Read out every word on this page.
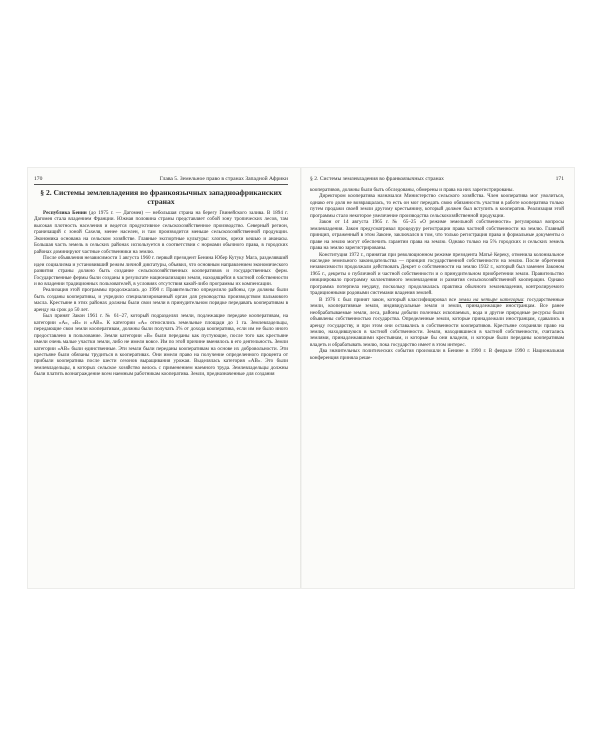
170	Глава 5. Земельное право в странах Западной Африки
§ 2. Системы землевладения во франкоязычных западноафриканских странах

Республика Бенин (до 1975 г. — Дагомея) — небольшая страна на берегу Гвинейского залива. В 1894 г. Дагомея стала владением Франции. Южная половина страны представляет собой зону тропических лесов, там высокая плотность населения и ведется продуктивное сельскохозяйственное производство. Северный регион, граничащий с зоной Сахеля, менее населен, и там производится меньше сельскохозяйственной продукции. Экономика основана на сельском хозяйстве. Главные экспортные культуры: хлопок, орехи кешью и ананасы. Большая часть земель в сельских районах используется в соответствии с нормами обычного права, в городских районах доминируют частные собственники на землю.

После объявления независимости 1 августа 1960 г. первый президент Бенина Юбер Кутуку Мага, разделявший идеи социализма и установивший режим личной диктатуры, объявил, что основным направлением экономического развития страны должно быть создание сельскохозяйственных кооперативов и государственных ферм. Государственные фермы были созданы в результате национализации земли, находящейся в частной собственности и во владении традиционных пользователей, в условиях отсутствия какой-либо программы их компенсации.

Реализация этой программы продолжалась до 1990 г. Правительство определило районы, где должны были быть созданы кооперативы, и учредило специализированный орган для руководства производством пальмового масла. Крестьяне в этих районах должны были свои земли в принудительном порядке передавать кооперативам в аренду на срок до 50 лет.

Был принят Закон 1961 г. № 61–27, который подразделял земли, подлежащие передаче кооперативам, на категории «А», «В» и «АВ». К категории «А» относились земельные площади до 1 га. Землевладельцы, передающие свои земли кооперативам, должны были получать 3% от дохода кооператива, если им не было иного предоставлено в пользование. Земли категории «В» были переданы как пустующие, после того как крестьяне имели очень малые участки земли, либо не имели вовсе. Им по этой причине вменялось в его деятельность. Земли категории «АВ» были единственные. Эти земли были переданы кооперативам на основе их добровольности. Эти крестьяне были обязаны трудиться в кооперативах. Они имели право на получение определенного процента от прибыли кооператива после шести сезонов выращивания урожая. Выделялась категория «АВ». Это были землевладельцы, в которых сельское хозяйство велось с применением наемного труда. Землевладельцы должны были платить вознаграждение всем наемным работникам кооператива. Земли, предназначенные для создания

§ 2. Системы землевладения во франкоязычных странах	171

кооперативов, должны были быть обследованы, обмерены и права на них зарегистрированы.

Директором кооператива назначался Министерство сельского хозяйства. Член кооператива мог уволиться, однако его доля не возвращалась, то есть он мог передать свою обязанность участия в работе кооператива только путем продажи своей земли другому крестьянину, который должен был вступить в кооператив. Реализация этой программы стало некоторое увеличение производства сельскохозяйственной продукции.

Закон от 14 августа 1965 г. № 65–25 «О режиме земельной собственности» регулировал вопросы землевладения. Закон предусматривал процедуру регистрации права частной собственности на землю. Главный принцип, отраженный в этом Законе, заключался в том, что только регистрация права и формальные документы о праве на землю могут обеспечить гарантии права на землю. Однако только на 5% городских и сельских земель права на землю зарегистрированы.

Конституция 1972 г., принятая при революционном режиме президента Матьё Кереку, отменила колониальное наследие земельного законодательства — принцип государственной собственности на землю. После обретения независимости продолжали действовать Декрет о собственности на землю 1932 г., который был заменен Законом 1965 г., декреты о публичной и частной собственности и о принудительном приобретении земли. Правительство инициировало программу коллективного землевладения и развития сельскохозяйственной кооперации. Однако программа потерпела неудачу, поскольку продолжалась практика обычного землевладения, контролируемого традиционными родовыми системами владения землей.

В 1976 г. был принят закон, который классифицировал все земли на четыре категории: государственные земли, кооперативные земли, индивидуальные земли и земли, принадлежащие иностранцам. Все ранее необрабатываемые земли, леса, районы добычи полезных ископаемых, вода и другие природные ресурсы были объявлены собственностью государства. Определенные земли, которые принадлежали иностранцам, сдавались в аренду государству, и при этом они оставались в собственности кооперативов. Крестьяне сохраняли право на землю, находившуюся в частной собственности. Земли, находившиеся в частной собственности, считались землями, принадлежавшими крестьянам, и которые бы они владели, и которые были переданы кооперативам владеть и обрабатывать землю, пока государство имеет в этом интерес.

Два значительных политических события произошли в Бенине в 1990 г. В феврале 1990 г. Национальная конференция приняла реше-
